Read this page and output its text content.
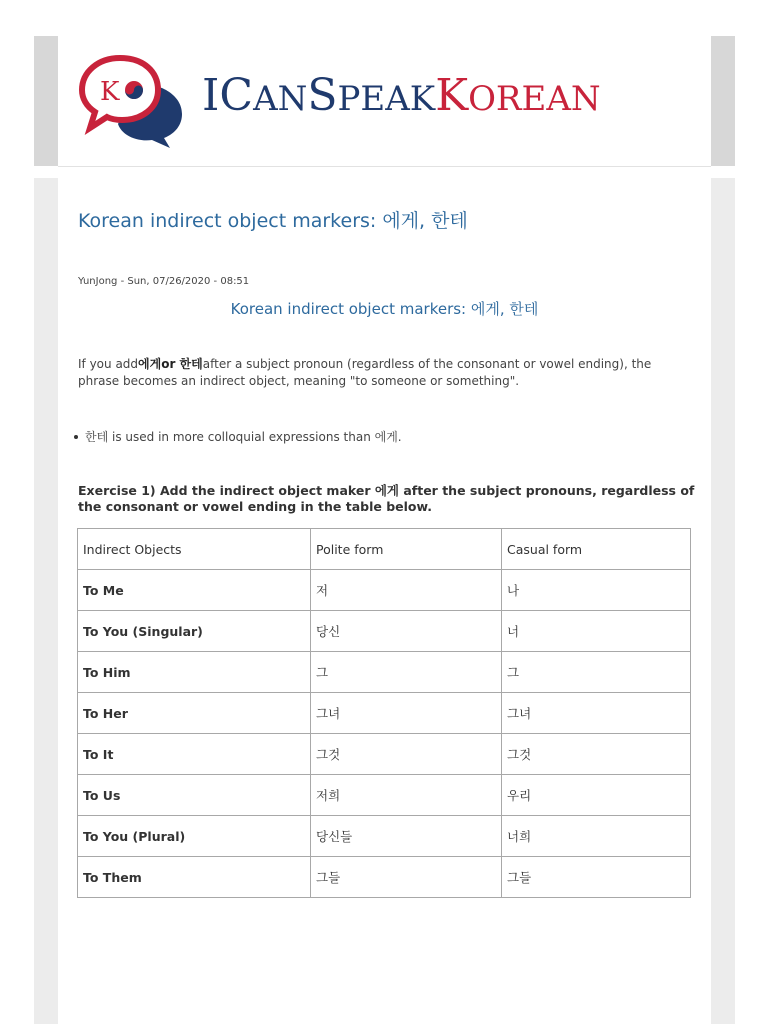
K ICANSPEAKKOREAN
Korean indirect object markers: 에게, 한테
YunJong - Sun, 07/26/2020 - 08:51
Korean indirect object markers: 에게, 한테
If you add에게or 한테after a subject pronoun (regardless of the consonant or vowel ending), the phrase becomes an indirect object, meaning "to someone or something".
한테 is used in more colloquial expressions than 에게.
Exercise 1) Add the indirect object maker 에게 after the subject pronouns, regardless of the consonant or vowel ending in the table below.
Indirect Objects	Polite form	Casual form
To Me	저	나
To You (Singular)	당신	너
To Him	그	그
To Her	그녀	그녀
To It	그것	그것
To Us	저희	우리
To You (Plural)	당신들	너희
To Them	그들	그들
